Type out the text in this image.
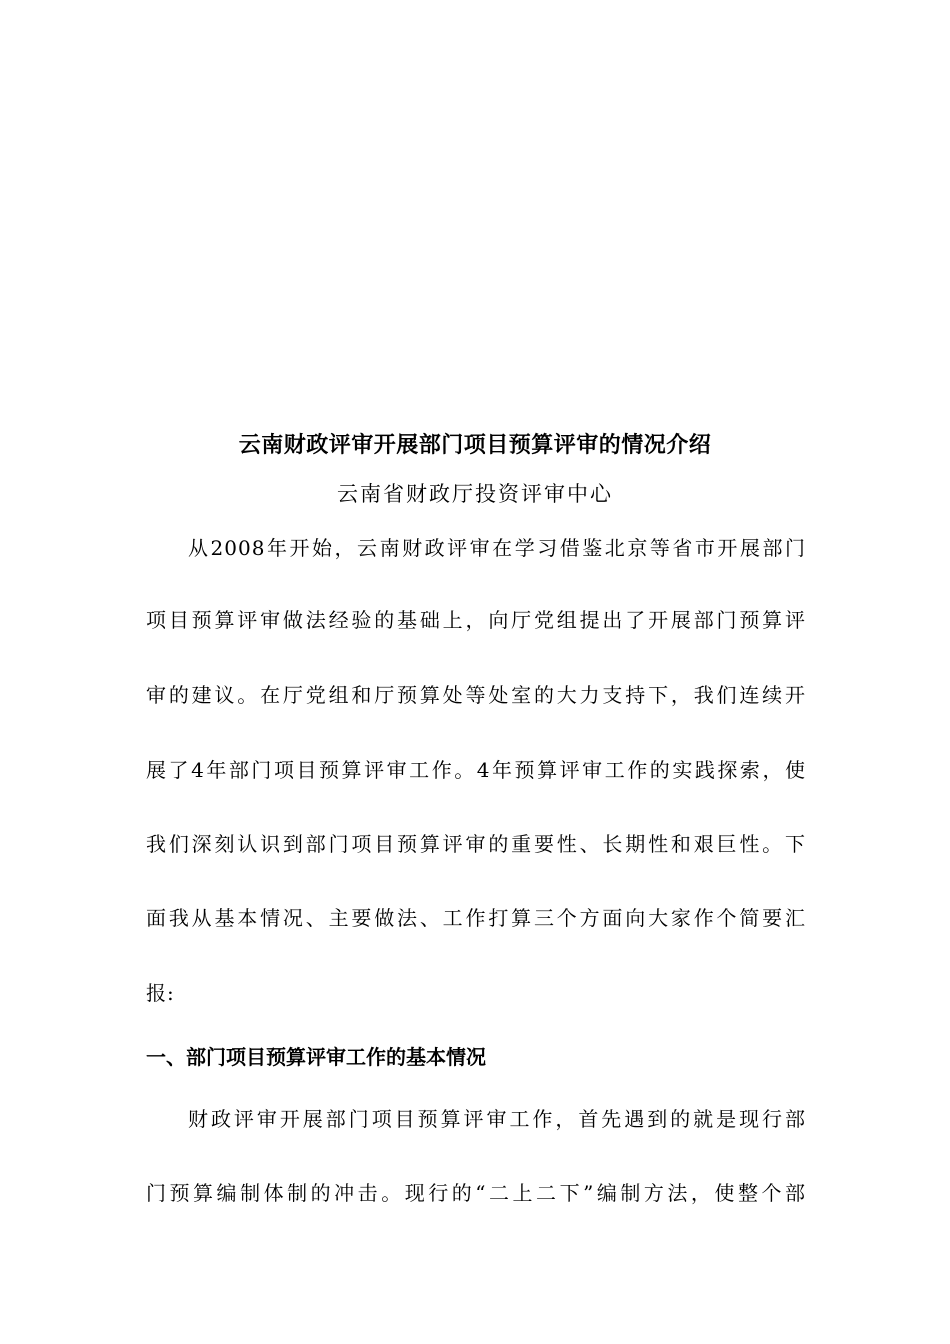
云南财政评审开展部门项目预算评审的情况介绍
云南省财政厅投资评审中心
从2008年开始，云南财政评审在学习借鉴北京等省市开展部门
项目预算评审做法经验的基础上，向厅党组提出了开展部门预算评
审的建议。在厅党组和厅预算处等处室的大力支持下，我们连续开
展了4年部门项目预算评审工作。4年预算评审工作的实践探索，使
我们深刻认识到部门项目预算评审的重要性、长期性和艰巨性。下
面我从基本情况、主要做法、工作打算三个方面向大家作个简要汇
报:
一、部门项目预算评审工作的基本情况
财政评审开展部门项目预算评审工作，首先遇到的就是现行部
门预算编制体制的冲击。现行的“二上二下”编制方法，使整个部
